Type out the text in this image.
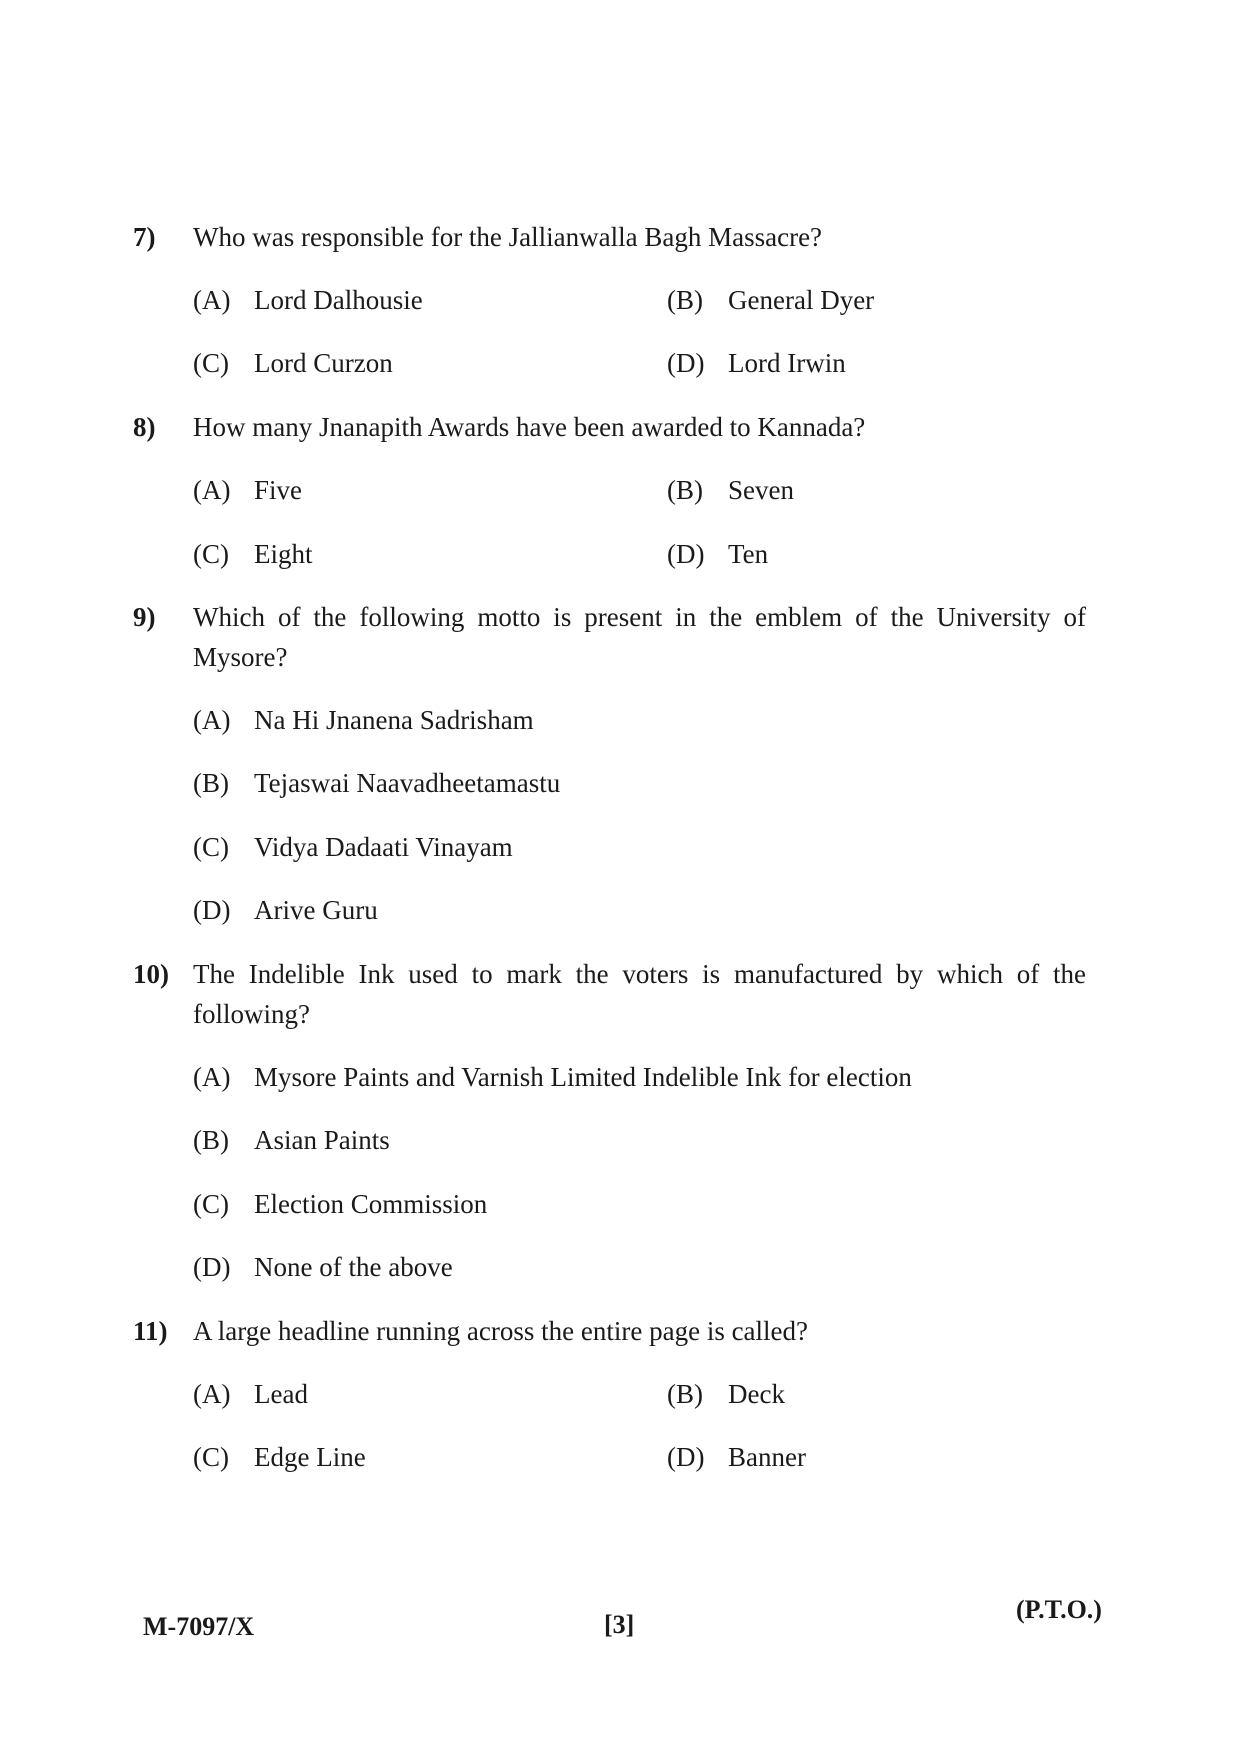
7) Who was responsible for the Jallianwalla Bagh Massacre?
(A) Lord Dalhousie	(B) General Dyer
(C) Lord Curzon	(D) Lord Irwin
8) How many Jnanapith Awards have been awarded to Kannada?
(A) Five	(B) Seven
(C) Eight	(D) Ten
9) Which of the following motto is present in the emblem of the University of Mysore?
(A) Na Hi Jnanena Sadrisham
(B) Tejaswai Naavadheetamastu
(C) Vidya Dadaati Vinayam
(D) Arive Guru
10) The Indelible Ink used to mark the voters is manufactured by which of the following?
(A) Mysore Paints and Varnish Limited Indelible Ink for election
(B) Asian Paints
(C) Election Commission
(D) None of the above
11) A large headline running across the entire page is called?
(A) Lead	(B) Deck
(C) Edge Line	(D) Banner
M-7097/X	[3]
(P.T.O.)
